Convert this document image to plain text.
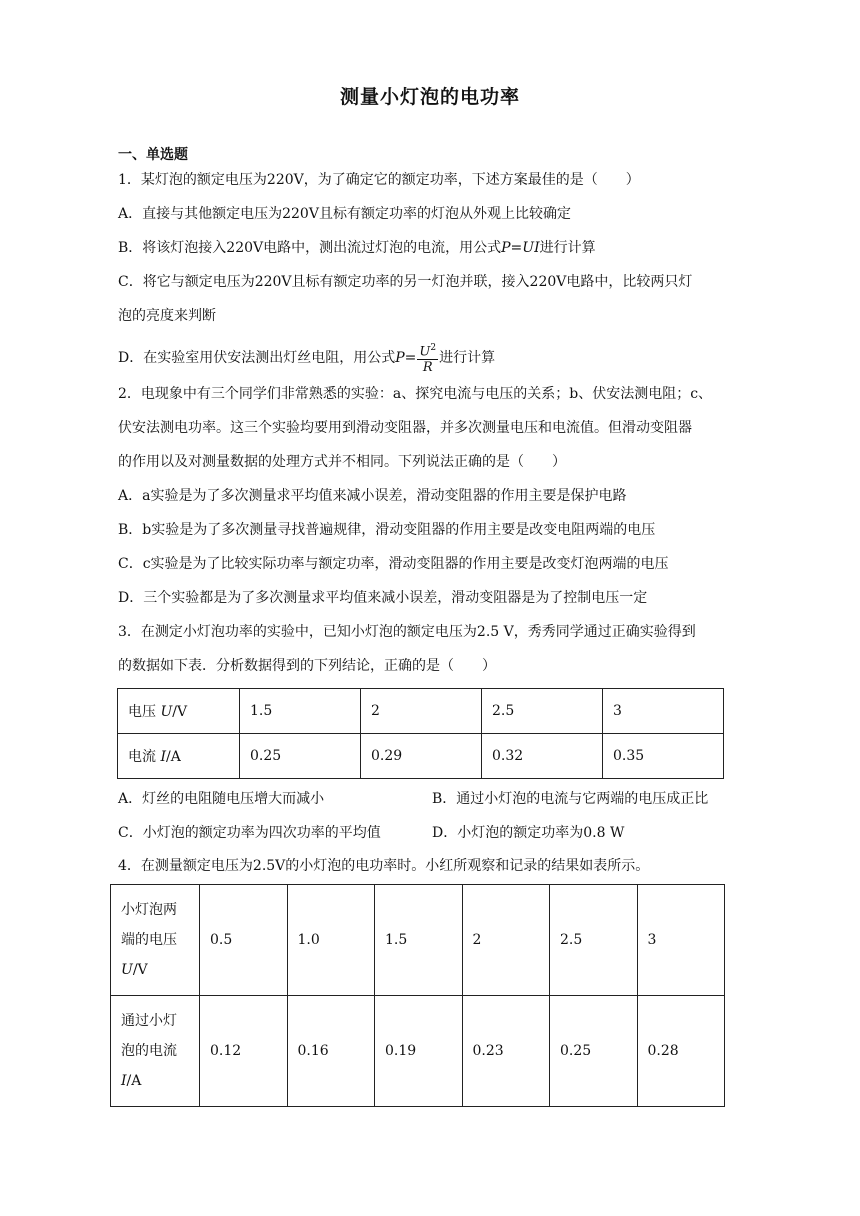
测量小灯泡的电功率
一、单选题
1．某灯泡的额定电压为220V，为了确定它的额定功率，下述方案最佳的是（　　）
A．直接与其他额定电压为220V且标有额定功率的灯泡从外观上比较确定
B．将该灯泡接入220V电路中，测出流过灯泡的电流，用公式P=UI进行计算
C．将它与额定电压为220V且标有额定功率的另一灯泡并联，接入220V电路中，比较两只灯
泡的亮度来判断
D．在实验室用伏安法测出灯丝电阻，用公式$P= \frac{U^2}{R}$ 进行计算
2．电现象中有三个同学们非常熟悉的实验：a、探究电流与电压的关系；b、伏安法测电阻；c、
伏安法测电功率。这三个实验均要用到滑动变阻器，并多次测量电压和电流值。但滑动变阻器
的作用以及对测量数据的处理方式并不相同。下列说法正确的是（　　）
A．a实验是为了多次测量求平均值来减小误差，滑动变阻器的作用主要是保护电路
B．b实验是为了多次测量寻找普遍规律，滑动变阻器的作用主要是改变电阻两端的电压
C．c实验是为了比较实际功率与额定功率，滑动变阻器的作用主要是改变灯泡两端的电压
D．三个实验都是为了多次测量求平均值来减小误差，滑动变阻器是为了控制电压一定
3．在测定小灯泡功率的实验中，已知小灯泡的额定电压为2.5 V，秀秀同学通过正确实验得到
的数据如下表．分析数据得到的下列结论，正确的是（　　）
电压 U/V	1.5	2	2.5	3
电流 I/A	0.25	0.29	0.32	0.35
A．灯丝的电阻随电压增大而减小	B．通过小灯泡的电流与它两端的电压成正比
C．小灯泡的额定功率为四次功率的平均值	D．小灯泡的额定功率为0.8 W
4．在测量额定电压为2.5V的小灯泡的电功率时。小红所观察和记录的结果如表所示。
小灯泡两
端的电压
U/V	0.5	1.0	1.5	2	2.5	3
通过小灯
泡的电流
I/A	0.12	0.16	0.19	0.23	0.25	0.28
